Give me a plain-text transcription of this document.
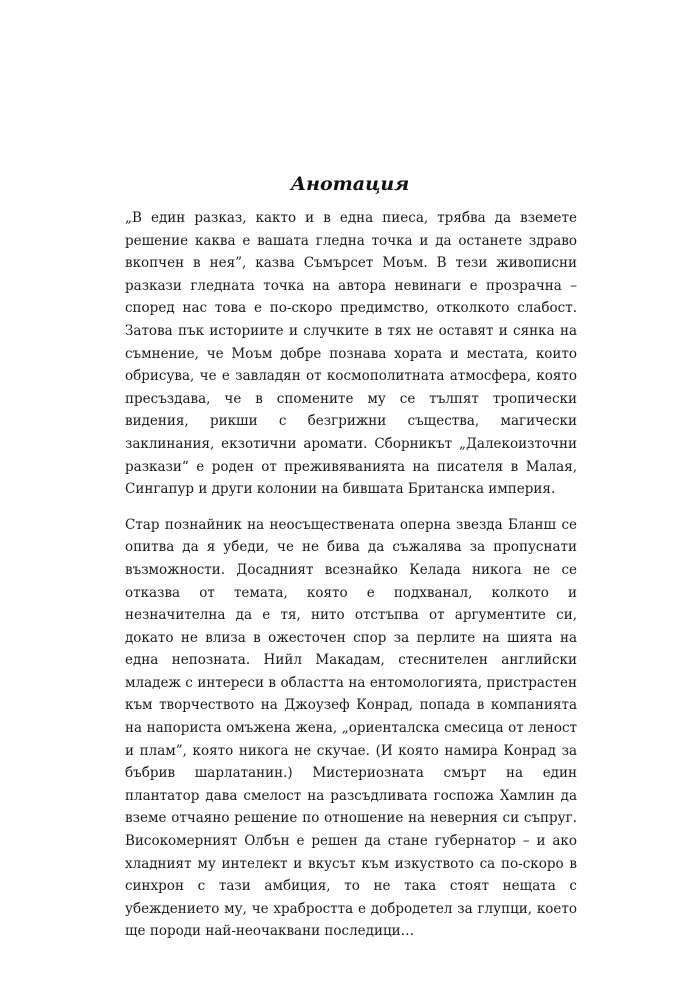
Анотация

„В един разказ, както и в една пиеса, трябва да вземете решение каква е вашата гледна точка и да останете здраво вкопчен в нея”, казва Съмърсет Моъм. В тези живописни разкази гледната точка на автора невинаги е прозрачна – според нас това е по-скоро предимство, отколкото слабост. Затова пък историите и случките в тях не оставят и сянка на съмнение, че Моъм добре познава хората и местата, които обрисува, че е завладян от космополитната атмосфера, която пресъздава, че в спомените му се тълпят тропически видения, рикши с безгрижни същества, магически заклинания, екзотични аромати. Сборникът „Далекоизточни разкази“ е роден от преживяванията на писателя в Малая, Сингапур и други колонии на бившата Британска империя.

Стар познайник на неосъществената оперна звезда Бланш се опитва да я убеди, че не бива да съжалява за пропуснати възможности. Досадният всезнайко Келада никога не се отказва от темата, която е подхванал, колкото и незначителна да е тя, нито отстъпва от аргументите си, докато не влиза в ожесточен спор за перлите на шията на една непозната. Нийл Макадам, стеснителен английски младеж с интереси в областта на ентомологията, пристрастен към творчеството на Джоузеф Конрад, попада в компанията на напориста омъжена жена, „ориенталска смесица от леност и плам”, която никога не скучае. (И която намира Конрад за бъбрив шарлатанин.) Мистериозната смърт на един плантатор дава смелост на разсъдливата госпожа Хамлин да вземе отчаяно решение по отношение на неверния си съпруг. Високомерният Олбън е решен да стане губернатор – и ако хладният му интелект и вкусът към изкуството са по-скоро в синхрон с тази амбиция, то не така стоят нещата с убеждението му, че храбростта е добродетел за глупци, което ще породи най-неочаквани последици…
